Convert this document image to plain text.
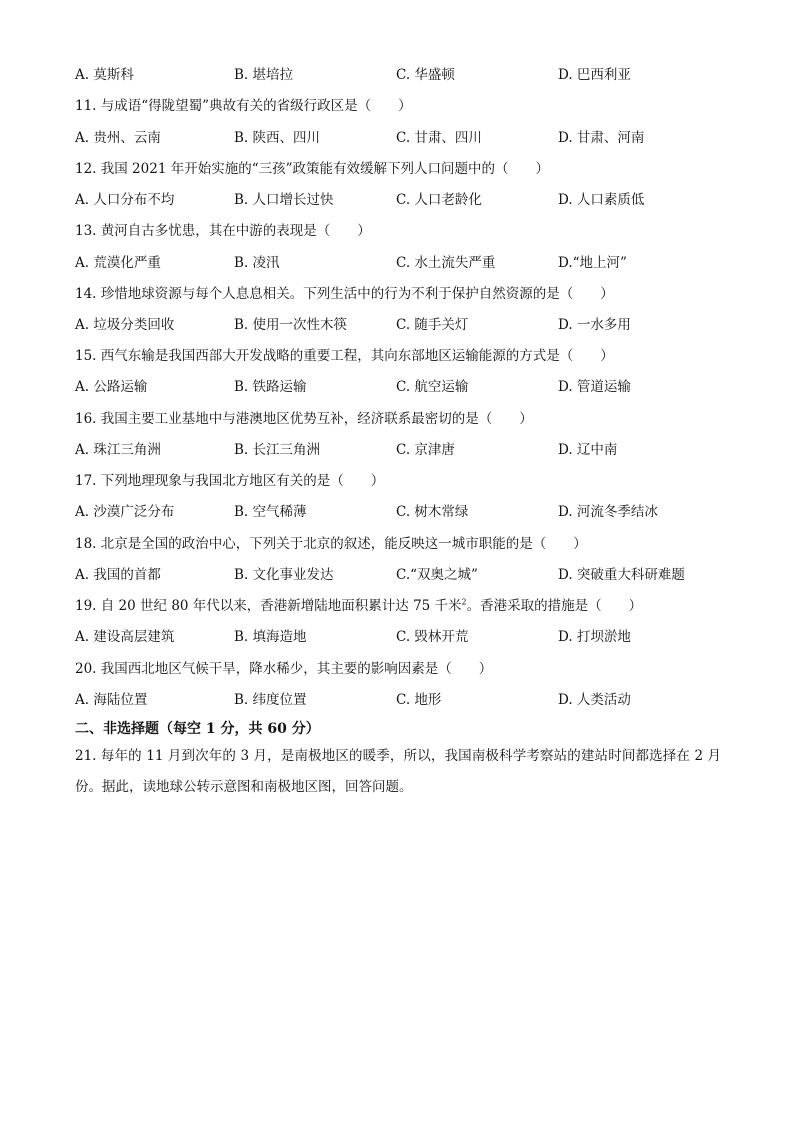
A. 莫斯科	B. 堪培拉	C. 华盛顿	D. 巴西利亚
11. 与成语“得陇望蜀”典故有关的省级行政区是（　　）
A. 贵州、云南	B. 陕西、四川	C. 甘肃、四川	D. 甘肃、河南
12. 我国 2021 年开始实施的“三孩”政策能有效缓解下列人口问题中的（　　）
A. 人口分布不均	B. 人口增长过快	C. 人口老龄化	D. 人口素质低
13. 黄河自古多忧患，其在中游的表现是（　　）
A. 荒漠化严重	B. 凌汛	C. 水土流失严重	D.“地上河”
14. 珍惜地球资源与每个人息息相关。下列生活中的行为不利于保护自然资源的是（　　）
A. 垃圾分类回收	B. 使用一次性木筷	C. 随手关灯	D. 一水多用
15. 西气东输是我国西部大开发战略的重要工程，其向东部地区运输能源的方式是（　　）
A. 公路运输	B. 铁路运输	C. 航空运输	D. 管道运输
16. 我国主要工业基地中与港澳地区优势互补，经济联系最密切的是（　　）
A. 珠江三角洲	B. 长江三角洲	C. 京津唐	D. 辽中南
17. 下列地理现象与我国北方地区有关的是（　　）
A. 沙漠广泛分布	B. 空气稀薄	C. 树木常绿	D. 河流冬季结冰
18. 北京是全国的政治中心，下列关于北京的叙述，能反映这一城市职能的是（　　）
A. 我国的首都	B. 文化事业发达	C.“双奥之城”	D. 突破重大科研难题
19. 自 20 世纪 80 年代以来，香港新增陆地面积累计达 75 千米$^2$。香港采取的措施是（　　）
A. 建设高层建筑	B. 填海造地	C. 毁林开荒	D. 打坝淤地
20. 我国西北地区气候干旱，降水稀少，其主要的影响因素是（　　）
A. 海陆位置	B. 纬度位置	C. 地形	D. 人类活动
二、非选择题（每空 1 分，共 60 分）
21. 每年的 11 月到次年的 3 月，是南极地区的暖季，所以，我国南极科学考察站的建站时间都选择在 2 月份。据此，读地球公转示意图和南极地区图，回答问题。
